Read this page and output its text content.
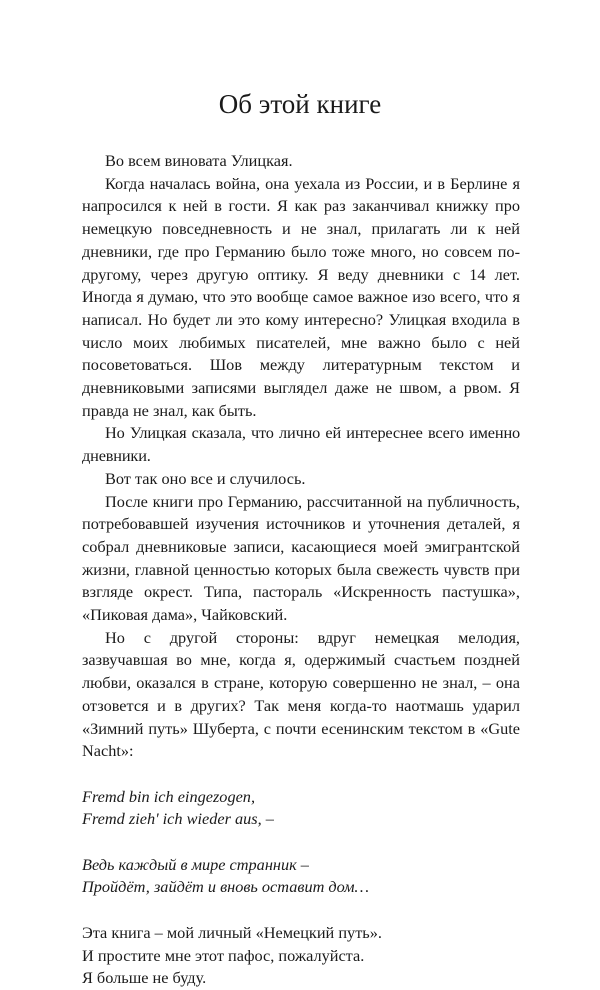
Об этой книге

Во всем виновата Улицкая.

Когда началась война, она уехала из России, и в Берлине я напросился к ней в гости. Я как раз заканчивал книжку про немецкую повседневность и не знал, прилагать ли к ней дневники, где про Германию было тоже много, но совсем по-другому, через другую оптику. Я веду дневники с 14 лет. Иногда я думаю, что это вообще самое важное изо всего, что я написал. Но будет ли это кому интересно? Улицкая входила в число моих любимых писателей, мне важно было с ней посоветоваться. Шов между литературным текстом и дневниковыми записями выглядел даже не швом, а рвом. Я правда не знал, как быть.

Но Улицкая сказала, что лично ей интереснее всего именно дневники.

Вот так оно все и случилось.

После книги про Германию, рассчитанной на публичность, потребовавшей изучения источников и уточнения деталей, я собрал дневниковые записи, касающиеся моей эмигрантской жизни, главной ценностью которых была свежесть чувств при взгляде окрест. Типа, пастораль «Искренность пастушка», «Пиковая дама», Чайковский.

Но с другой стороны: вдруг немецкая мелодия, зазвучавшая во мне, когда я, одержимый счастьем поздней любви, оказался в стране, которую совершенно не знал, – она отзовется и в других? Так меня когда-то наотмашь ударил «Зимний путь» Шуберта, с почти есенинским текстом в «Gute Nacht»:

Fremd bin ich eingezogen,
Fremd zieh' ich wieder aus, –
Ведь каждый в мире странник –
Пройдёт, зайдёт и вновь оставит дом…
Эта книга – мой личный «Немецкий путь».
И простите мне этот пафос, пожалуйста.
Я больше не буду.
